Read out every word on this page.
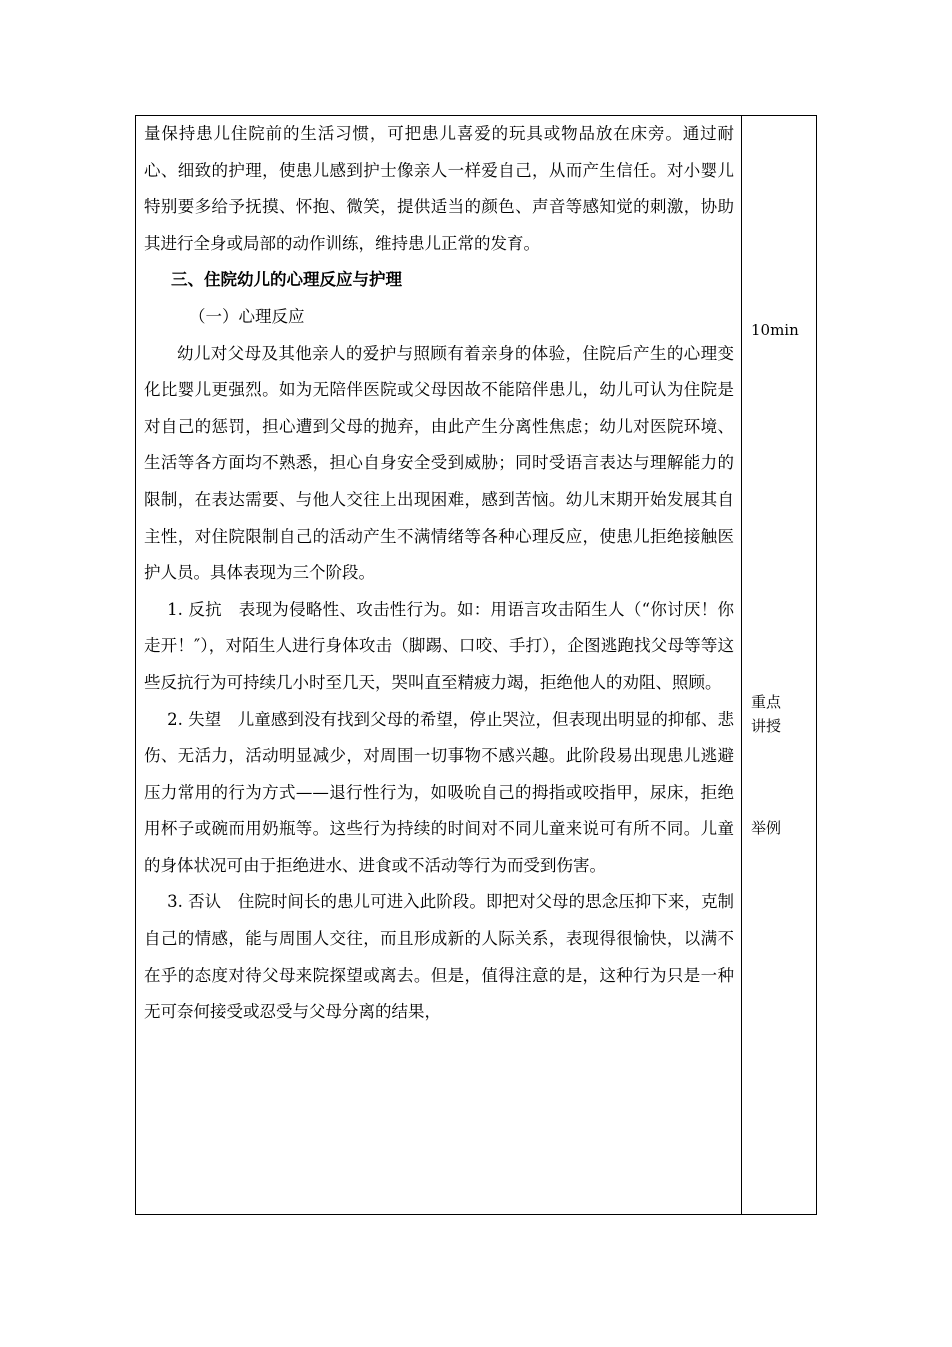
量保持患儿住院前的生活习惯，可把患儿喜爱的玩具或物品放在床旁。通过耐心、细致的护理，使患儿感到护士像亲人一样爱自己，从而产生信任。对小婴儿特别要多给予抚摸、怀抱、微笑，提供适当的颜色、声音等感知觉的刺激，协助其进行全身或局部的动作训练，维持患儿正常的发育。

三、住院幼儿的心理反应与护理

（一）心理反应

幼儿对父母及其他亲人的爱护与照顾有着亲身的体验，住院后产生的心理变化比婴儿更强烈。如为无陪伴医院或父母因故不能陪伴患儿，幼儿可认为住院是对自己的惩罚，担心遭到父母的抛弃，由此产生分离性焦虑；幼儿对医院环境、生活等各方面均不熟悉，担心自身安全受到威胁；同时受语言表达与理解能力的限制，在表达需要、与他人交往上出现困难，感到苦恼。幼儿末期开始发展其自主性，对住院限制自己的活动产生不满情绪等各种心理反应，使患儿拒绝接触医护人员。具体表现为三个阶段。

1. 反抗　表现为侵略性、攻击性行为。如：用语言攻击陌生人（“你讨厌！你走开！″），对陌生人进行身体攻击（脚踢、口咬、手打），企图逃跑找父母等等这些反抗行为可持续几小时至几天，哭叫直至精疲力竭，拒绝他人的劝阻、照顾。

2. 失望　儿童感到没有找到父母的希望，停止哭泣，但表现出明显的抑郁、悲伤、无活力，活动明显减少，对周围一切事物不感兴趣。此阶段易出现患儿逃避压力常用的行为方式——退行性行为，如吸吮自己的拇指或咬指甲，尿床，拒绝用杯子或碗而用奶瓶等。这些行为持续的时间对不同儿童来说可有所不同。儿童的身体状况可由于拒绝进水、进食或不活动等行为而受到伤害。

3. 否认　住院时间长的患儿可进入此阶段。即把对父母的思念压抑下来，克制自己的情感，能与周围人交往，而且形成新的人际关系，表现得很愉快，以满不在乎的态度对待父母来院探望或离去。但是，值得注意的是，这种行为只是一种无可奈何接受或忍受与父母分离的结果，

10min
重点讲授
举例
